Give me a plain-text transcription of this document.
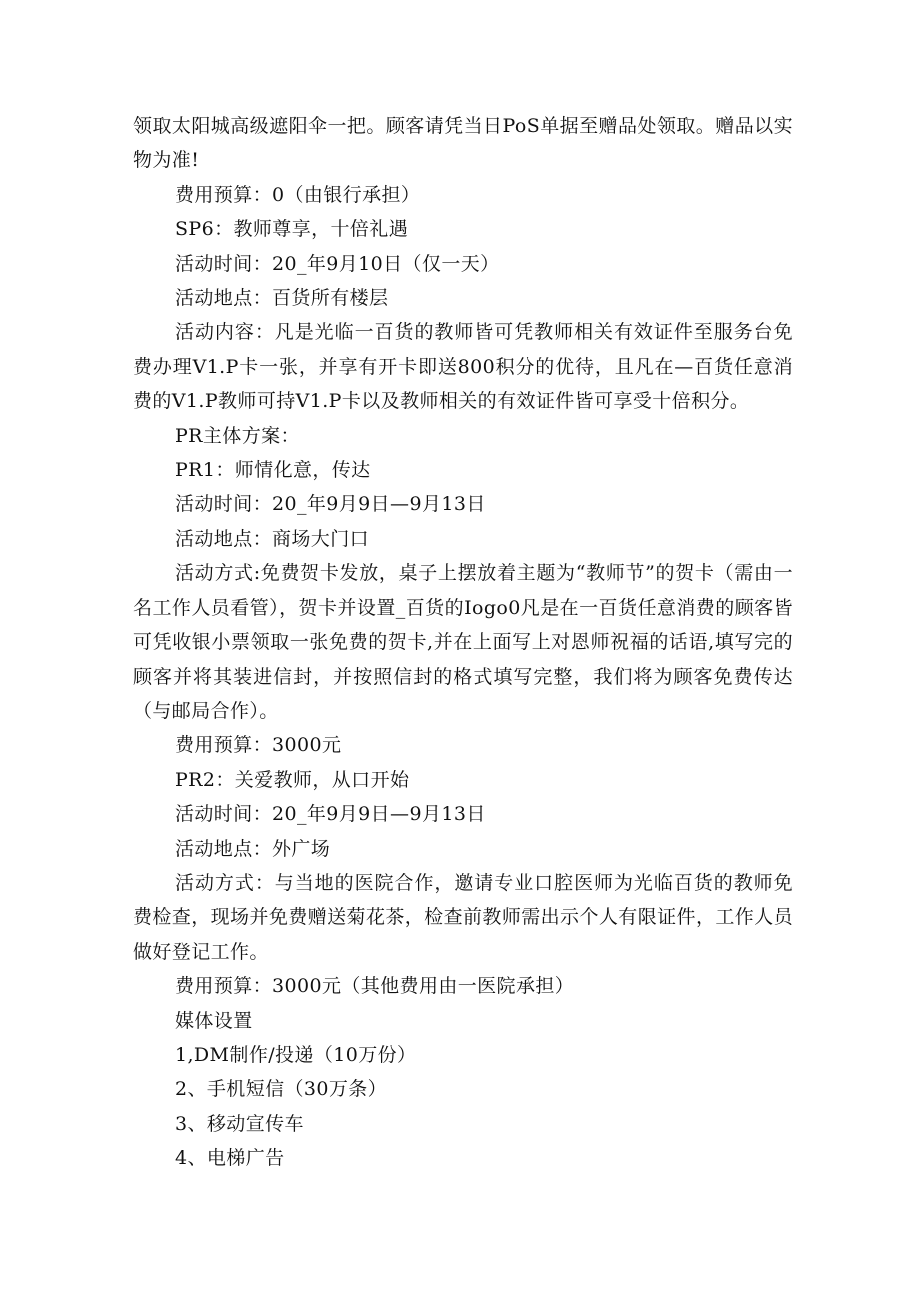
领取太阳城高级遮阳伞一把。顾客请凭当日PoS单据至赠品处领取。赠品以实物为准!

费用预算：0（由银行承担）

SP6：教师尊享，十倍礼遇

活动时间：20_年9月10日（仅一天）

活动地点：百货所有楼层

活动内容：凡是光临一百货的教师皆可凭教师相关有效证件至服务台免费办理V1.P卡一张，并享有开卡即送800积分的优待，且凡在—百货任意消费的V1.P教师可持V1.P卡以及教师相关的有效证件皆可享受十倍积分。

PR主体方案：

PR1：师情化意，传达

活动时间：20_年9月9日—9月13日

活动地点：商场大门口

活动方式:免费贺卡发放，桌子上摆放着主题为“教师节”的贺卡（需由一名工作人员看管），贺卡并设置_百货的Iogo0凡是在一百货任意消费的顾客皆可凭收银小票领取一张免费的贺卡,并在上面写上对恩师祝福的话语,填写完的顾客并将其装进信封，并按照信封的格式填写完整，我们将为顾客免费传达（与邮局合作）。

费用预算：3000元

PR2：关爱教师，从口开始

活动时间：20_年9月9日—9月13日

活动地点：外广场

活动方式：与当地的医院合作，邀请专业口腔医师为光临百货的教师免费检查，现场并免费赠送菊花茶，检查前教师需出示个人有限证件，工作人员做好登记工作。

费用预算：3000元（其他费用由一医院承担）

媒体设置

1,DM制作/投递（10万份）

2、手机短信（30万条）

3、移动宣传车

4、电梯广告
